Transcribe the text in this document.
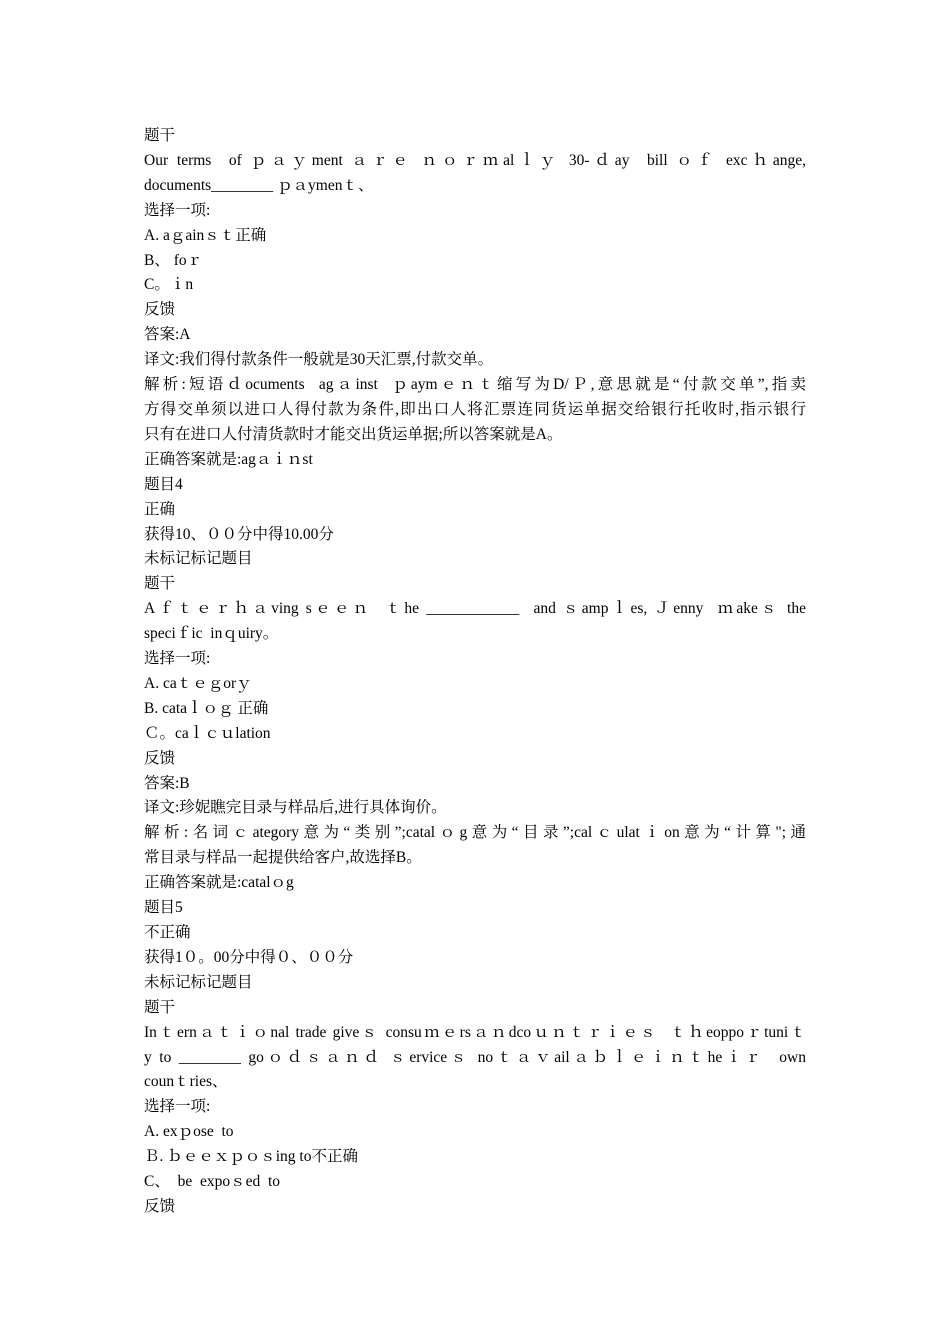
题干
Our terms  of ｐａｙment ａｒｅ ｎｏｒｍalｌｙ 30-ｄay  bill ｏｆ excｈange,
documents________ ｐａymenｔ、
选择一项:
A. aｇainｓｔ正确
B、 foｒ
C。ｉn
反馈
答案:A
译文:我们得付款条件一般就是30天汇票,付款交单。
解析:短语ｄocuments  agａinst  ｐaymｅｎｔ缩写为D/Ｐ,意思就是“付款交单”,指卖
方得交单须以进口人得付款为条件,即出口人将汇票连同货运单据交给银行托收时,指示银行
只有在进口人付清货款时才能交出货运单据;所以答案就是A。
正确答案就是:agａｉｎst
题目4
正确
获得10、００分中得10.00分
未标记标记题目
题干
Aｆｔｅｒｈａving sｅｅｎ  ｔhe ____________  and ｓampｌes, Ｊenny  ｍakeｓ the
speciｆic  inｑuiry。
选择一项:
A. caｔｅｇorｙ
B. cataｌｏｇ 正确
Ｃ。caｌｃｕlation
反馈
答案:B
译文:珍妮瞧完目录与样品后,进行具体询价。
解析:名词ｃategory意为“类别”;catalｏg意为“目录”;calｃulatｉon意为“计算";通
常目录与样品一起提供给客户,故选择B。
正确答案就是:catalｏg
题目5
不正确
获得1０。00分中得０、００分
未标记标记题目
题干
Inｔernａｔｉｏnal trade giveｓ consuｍｅrsａｎdcoｕｎｔｒｉｅｓ  ｔｈeoppoｒtuniｔ
y to ________ goｏｄｓａｎｄ ｓerviceｓ noｔａｖailａｂｌｅｉｎｔheｉｒ  own
counｔries、
选择一项:
A. exｐose  to
Ｂ. ｂｅｅｘｐｏｓing to不正确
C、  be  expoｓed  to
反馈
